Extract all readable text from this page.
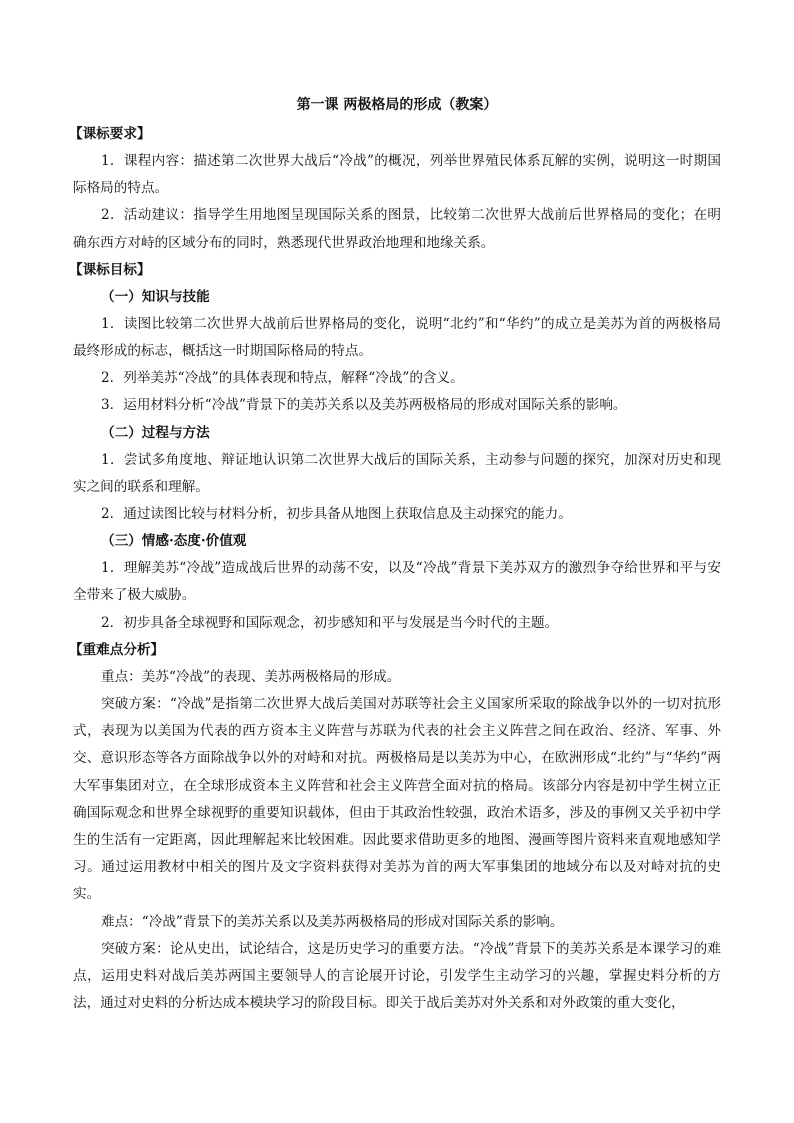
第一课 两极格局的形成（教案）
【课标要求】
1．课程内容：描述第二次世界大战后“冷战”的概况，列举世界殖民体系瓦解的实例，说明这一时期国际格局的特点。
2．活动建议：指导学生用地图呈现国际关系的图景，比较第二次世界大战前后世界格局的变化；在明确东西方对峙的区域分布的同时，熟悉现代世界政治地理和地缘关系。
【课标目标】
（一）知识与技能
1．读图比较第二次世界大战前后世界格局的变化，说明“北约”和“华约”的成立是美苏为首的两极格局最终形成的标志，概括这一时期国际格局的特点。
2．列举美苏“冷战”的具体表现和特点，解释“冷战”的含义。
3．运用材料分析“冷战”背景下的美苏关系以及美苏两极格局的形成对国际关系的影响。
（二）过程与方法
1．尝试多角度地、辩证地认识第二次世界大战后的国际关系，主动参与问题的探究，加深对历史和现实之间的联系和理解。
2．通过读图比较与材料分析，初步具备从地图上获取信息及主动探究的能力。
（三）情感·态度·价值观
1．理解美苏“冷战”造成战后世界的动荡不安，以及“冷战”背景下美苏双方的激烈争夺给世界和平与安全带来了极大威胁。
2．初步具备全球视野和国际观念，初步感知和平与发展是当今时代的主题。
【重难点分析】
重点：美苏“冷战”的表现、美苏两极格局的形成。
突破方案：“冷战”是指第二次世界大战后美国对苏联等社会主义国家所采取的除战争以外的一切对抗形式，表现为以美国为代表的西方资本主义阵营与苏联为代表的社会主义阵营之间在政治、经济、军事、外交、意识形态等各方面除战争以外的对峙和对抗。两极格局是以美苏为中心，在欧洲形成“北约”与“华约”两大军事集团对立，在全球形成资本主义阵营和社会主义阵营全面对抗的格局。该部分内容是初中学生树立正确国际观念和世界全球视野的重要知识载体，但由于其政治性较强，政治术语多，涉及的事例又关乎初中学生的生活有一定距离，因此理解起来比较困难。因此要求借助更多的地图、漫画等图片资料来直观地感知学习。通过运用教材中相关的图片及文字资料获得对美苏为首的两大军事集团的地域分布以及对峙对抗的史实。
难点：“冷战”背景下的美苏关系以及美苏两极格局的形成对国际关系的影响。
突破方案：论从史出，试论结合，这是历史学习的重要方法。“冷战”背景下的美苏关系是本课学习的难点，运用史料对战后美苏两国主要领导人的言论展开讨论，引发学生主动学习的兴趣，掌握史料分析的方法，通过对史料的分析达成本模块学习的阶段目标。即关于战后美苏对外关系和对外政策的重大变化，
